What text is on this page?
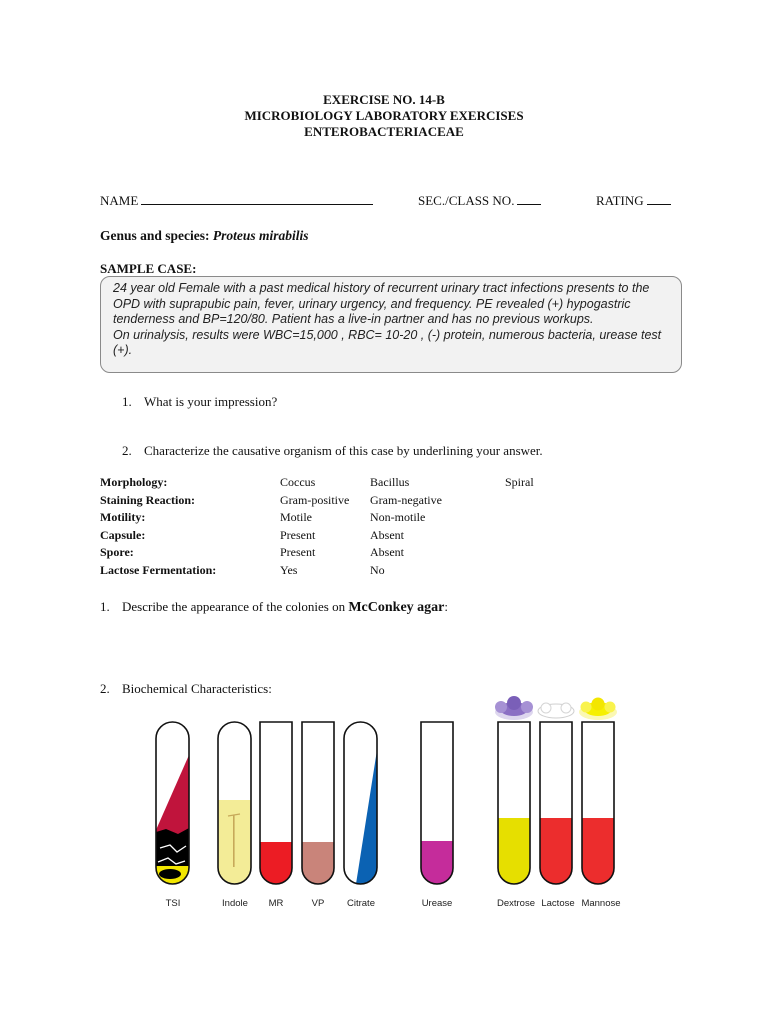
EXERCISE NO. 14-B
MICROBIOLOGY LABORATORY EXERCISES
ENTEROBACTERIACEAE
NAME	SEC./CLASS NO.	RATING
Genus and species: Proteus mirabilis
SAMPLE CASE:
24 year old Female with a past medical history of recurrent urinary tract infections presents to the OPD with suprapubic pain, fever, urinary urgency, and frequency. PE revealed (+) hypogastric tenderness and BP=120/80. Patient has a live-in partner and has no previous workups.
On urinalysis, results were WBC=15,000 , RBC= 10-20 , (-) protein, numerous bacteria, urease test (+).
1. What is your impression?
2. Characterize the causative organism of this case by underlining your answer.
Morphology:	Coccus	Bacillus	Spiral
Staining Reaction:	Gram-positive Gram-negative
Motility:	Motile	Non-motile
Capsule:	Present	Absent
Spore:	Present	Absent
Lactose Fermentation:	Yes	No
1. Describe the appearance of the colonies on McConkey agar:
2. Biochemical Characteristics:
TSI	Indole	MR	VP	Citrate	Urease	Dextrose Lactose Mannose
